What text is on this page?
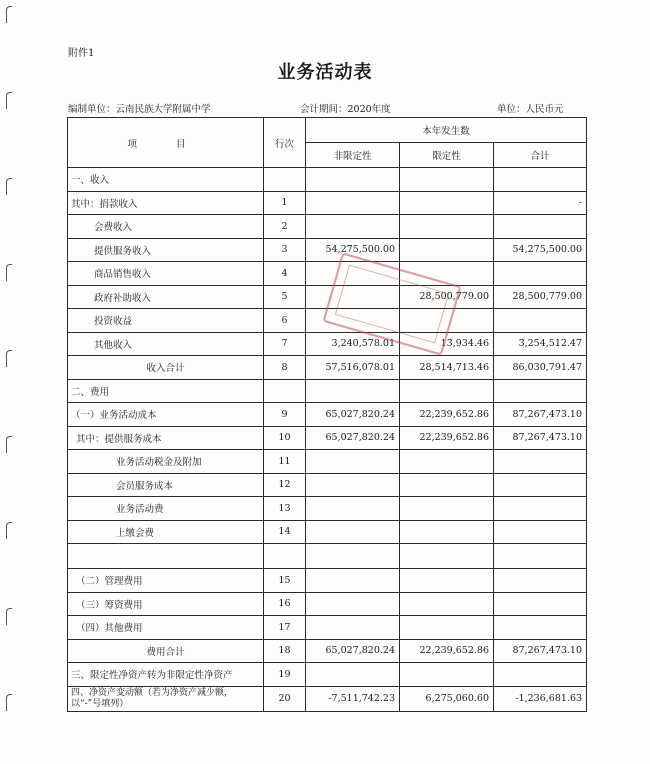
附件1
业务活动表
编制单位：云南民族大学附属中学	会计期间：2020年度	单位：人民币元
项 目	行次	本年发生数		
		非限定性	限定性	合计
一、收入				
其中：捐款收入	1			-
会费收入	2			
提供服务收入	3	54,275,500.00		54,275,500.00
商品销售收入	4			
政府补助收入	5		28,500,779.00	28,500,779.00
投资收益	6			
其他收入	7	3,240,578.01	13,934.46	3,254,512.47
收入合计	8	57,516,078.01	28,514,713.46	86,030,791.47
二、费用				
（一）业务活动成本	9	65,027,820.24	22,239,652.86	87,267,473.10
其中：提供服务成本	10	65,027,820.24	22,239,652.86	87,267,473.10
业务活动税金及附加	11			
会员服务成本	12			
业务活动费	13			
上缴会费	14			

（二）管理费用	15			
（三）筹资费用	16			
（四）其他费用	17			
费用合计	18	65,027,820.24	22,239,652.86	87,267,473.10
三、限定性净资产转为非限定性净资产	19			
四、净资产变动额（若为净资产减少额，以“-”号填列）	20	-7,511,742.23	6,275,060.60	-1,236,681.63
